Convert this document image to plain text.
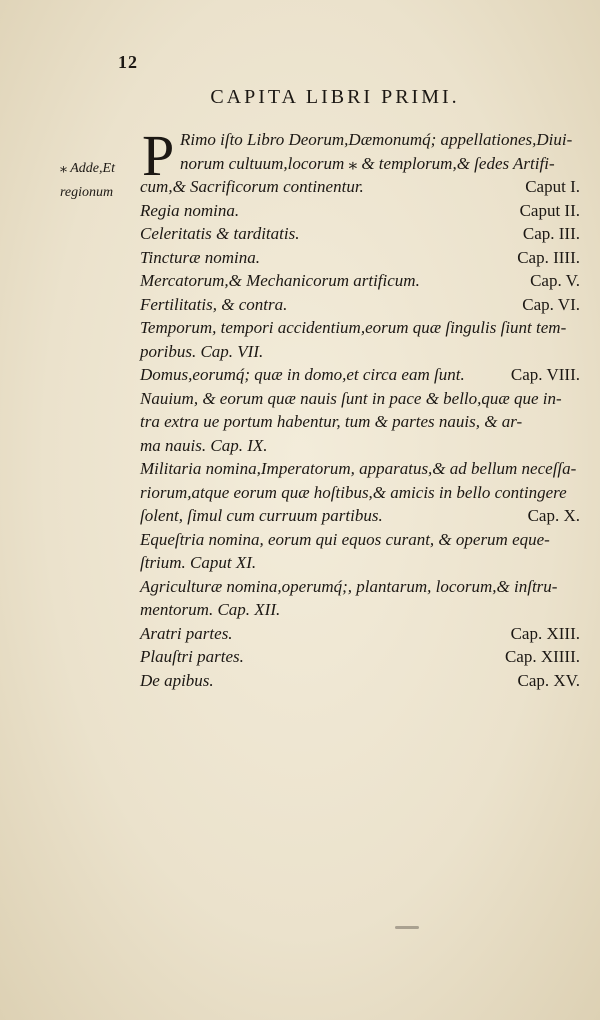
12
CAPITA LIBRI PRIMI.
P
⁎ Adde,Et
regionum
Rimo iſto Libro Deorum,Dæmonumq́; appellationes,Diui-
norum cultuum,locorum ⁎ & templorum,& ſedes Artifi-
cum,& Sacrificorum continentur.	Caput I.
Regia nomina.	Caput II.
Celeritatis & tarditatis.	Cap. III.
Tincturæ nomina.	Cap. IIII.
Mercatorum,& Mechanicorum artificum.	Cap. V.
Fertilitatis, & contra.	Cap. VI.
Temporum, tempori accidentium,eorum quæ ſingulis ſiunt tem-
poribus. Cap. VII.
Domus,eorumq́; quæ in domo,et circa eam ſunt.	Cap. VIII.
Nauium, & eorum quæ nauis ſunt in pace & bello,quæ que in-
tra extra ue portum habentur, tum & partes nauis, & ar-
ma nauis. Cap. IX.
Militaria nomina,Imperatorum, apparatus,& ad bellum neceſſa-
riorum,atque eorum quæ hoſtibus,& amicis in bello contingere
ſolent, ſimul cum curruum partibus.	Cap. X.
Equeſtria nomina, eorum qui equos curant, & operum eque-
ſtrium. Caput XI.
Agriculturæ nomina,operumq́;, plantarum, locorum,& inſtru-
mentorum. Cap. XII.
Aratri partes.	Cap. XIII.
Plauſtri partes.	Cap. XIIII.
De apibus.	Cap. XV.
